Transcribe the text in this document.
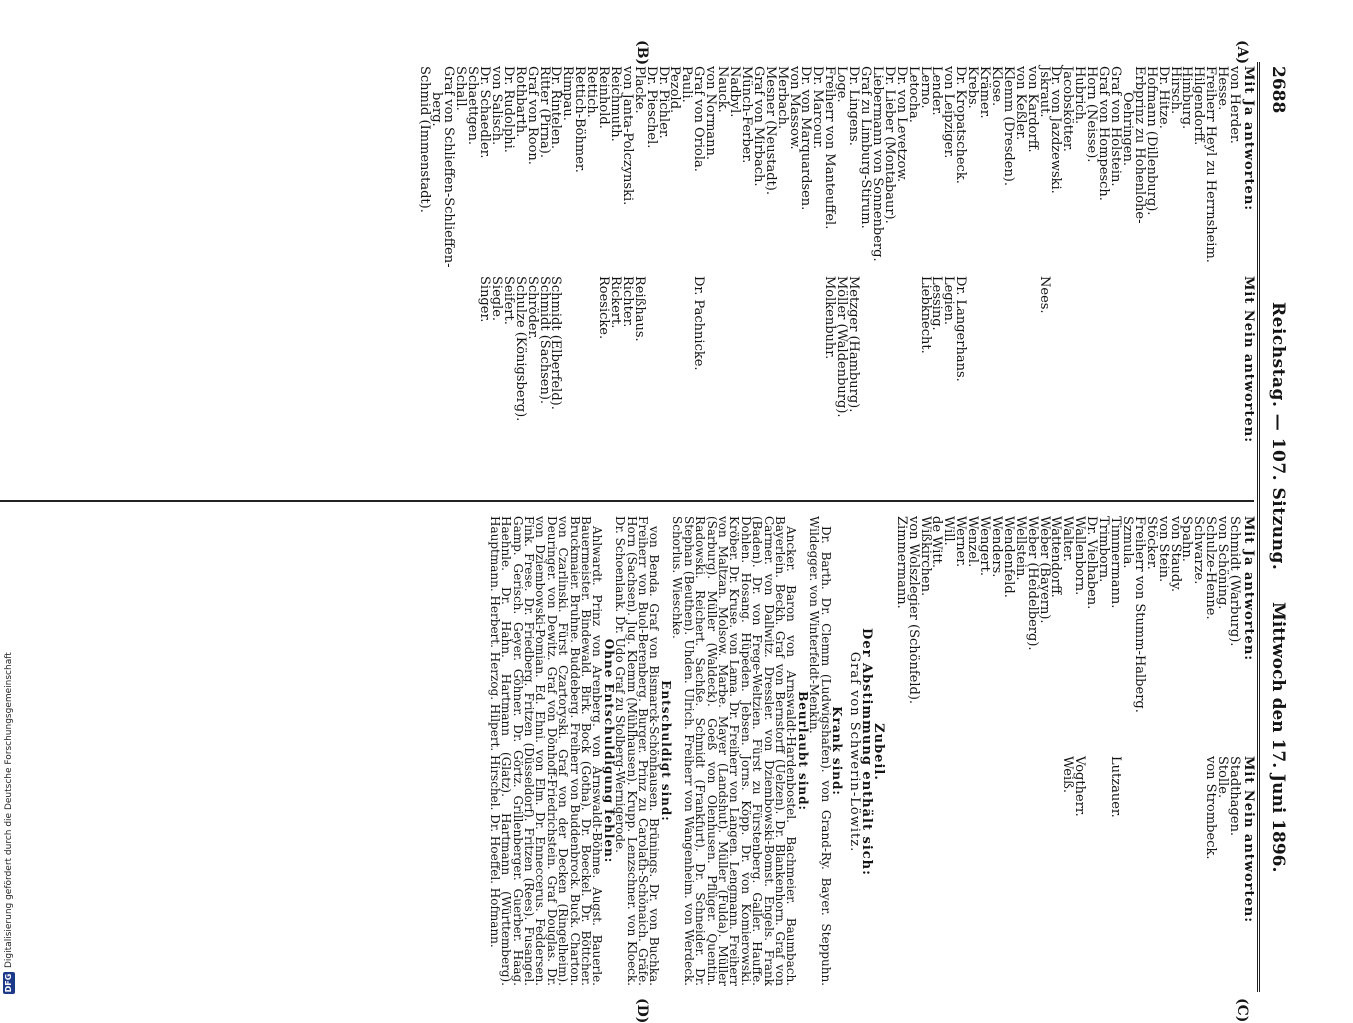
2688
Reichstag. — 107. Sitzung.
Mittwoch den 17. Juni 1896.
(A)
(B)
(C)
(D)
Mit Ja antworten:
von Herder.
Hesse.
Freiherr Heyl zu Herrnsheim.
Hilgendorff.
Himburg.
Hirsch.
Dr. Hitze.
Hofmann (Dillenburg).
Erbprinz zu Hohenlohe-
Oehringen.
Graf von Holstein.
Graf von Hompesch.
Horn (Neisse).
Hubrich.
Jacobskötter.
Dr. von Jazdzewski.
Jskraut.
von Kardorff.
von Keßler.
Klemm (Dresden).
Klose.
Krämer.
Krebs.
Dr. Kropatscheck.
von Leipziger.
Lender.
Lerno.
Letocha.
Dr. von Levetzow.
Dr. Lieber (Montabaur).
Liebermann von Sonnenberg.
Graf zu Limburg-Stirum.
Dr. Lingens.
Loge.
Freiherr von Manteuffel.
Dr. Marcour.
Dr. von Marquardsen.
von Massow.
Merbach.
Mesner (Neustadt).
Graf von Mirbach.
Münch-Ferber.
Nadbyl.
Nauck.
von Normann.
Graf von Oriola.
Pauli.
Pezold.
Dr. Pichler.
Dr. Pieschel.
Placke.
von Janta-Polczynski.
Reichmuth.
Reinhold.
Rettich.
Rettich-Böhmer.
Rimpau.
Dr. Rintelen.
Ritter (Pirna).
Graf von Roon.
Rothbarth.
Dr. Rudolphi.
von Salisch.
Dr. Schaedler.
Schaettgen.
Schall.
Graf von Schlieffen-Schlieffen-
berg.
Schmid (Immenstadt).
Mit Nein antworten:

Nees.

Dr. Langerhans.
Legien.
Lessing.
Liebknecht.

Metzger (Hamburg).
Möller (Waldenburg).
Molkenbuhr.

Dr. Pachnicke.

Reißhaus.
Richter.
Rickert.
Roesicke.

Schmidt (Elberfeld).
Schmidt (Sachsen).
Schröder.
Schulze (Königsberg).
Seifert.
Siegle.
Singer.
Mit Ja antworten:
Schmidt (Warburg).
von Schöning.
Schulze-Henne.
Schwarze.
Spahn.
von Staudy.
von Stein.
Stöcker.
Freiherr von Stumm-Halberg.
Szmula.
Timmermann.
Trimborn.
Dr. Vielhaben.
Wallenborn.
Walter.
Wattendorff.
Weber (Bayern).
Weber (Heidelberg).
Wellstein.
Wendenfeld.
Wenders.
Wengert.
Wenzel.
Werner.
Will.
de Witt.
Wißkirchen.
von Wolszlegier (Schönfeld).
Zimmermann.
Mit Nein antworten:
Stadthagen.
Stolle.
von Strombeck.

Lutzauer.

Vogtherr.
Weiß.
Zubeil.
Der Abstimmung enthält sich:
Graf von Schwerin-Löwitz.
Krank sind:
Dr. Barth. Dr. Clemm (Ludwigshafen). von Grand-Ry. Bayer. Steppuhn. Wildegger. von Winterfeldt-Menkin.
Beurlaubt sind:
Ancker. Baron von Arnswaldt-Hardenbostel. Bachmeier. Baumbach. Bayerlein. Beckh. Graf von Bernstorff (Uelzen). Dr. Blankenhorn. Graf von Carmer. von Dallwitz. Dressler. von Dziembowski-Bomst. Engels. Frank (Baden). Dr. von Frege-Weltzien. Fürst zu Fürstenberg. Galler. Hauffe. Dohlen. Hosang. Hüpeden. Jebsen. Jorns. Köpp. Dr. von Komierowski. Kröber. Dr. Kruse. von Lama. Dr. Freiherr von Langen. Lengmann. Freiherr von Maltzan. Molsow. Marbe. Mayer (Landshut). Müller (Fulda). Müller (Sarburg). Müller (Waldeck). Goeß von Olenhusen. Pflüger. Quentin. Radowski. Reichert. Sachße. Schmidt (Frankfurt). Dr. Schneider. Dr. Stephan (Beuthen). Uhden. Ulrich. Freiherr von Wangenheim. von Werdeck. Schorlus. Wieschke.
Entschuldigt sind:
von Benda. Graf von Bismarck-Schönhausen. Brünings. Dr. von Buchka. Freiherr von Buol-Berenberg. Burger. Prinz zu Carolath-Schönaich. Gräfe. Horn (Sachsen). Jug. Klemm (Mühlhausen). Krupp. Lenzschner. von Kloeck. Dr. Schoenlank. Dr. Udo Graf zu Stolberg-Wernigerode.
Ohne Entschuldigung fehlen:
Ahlwardt. Prinz von Arenberg. von Arnswaldt-Böhme. Augst. Bauerle. Bauermeister. Bindewald. Birk. Bock (Gotha). Dr. Boeckel. Dr. Böttcher. Bruckmaier. Bruhne. Buddeberg. Freiherr von Buddenbrock. Buck. Charton. von Czarlinski. Fürst Czartoryski. Graf von der Decken (Ringelheim). Deuringer. von Dewitz. Graf von Dönhoff-Friedrichstein. Graf Douglas. Dr. von Dziembowski-Pomian. Ed. Ehni. von Elm. Dr. Enneccerus. Feddersen. Fink. Frese. Dr. Friedberg. Fritzen (Düsseldorf). Fritzen (Rees). Fusangel. Gamp. Gerisch. Geyer. Göhner. Dr. Görtz. Grillenberger. Guerber. Haag. Haehnle. Dr. Hahn. Hartmann (Glatz). Hartmann (Württemberg). Hauptmann. Herbert. Herzog. Hilpert. Hirschel. Dr. Hoeffel. Hofmann.
DFG
Digitalisierung gefördert durch die Deutsche Forschungsgemeinschaft
